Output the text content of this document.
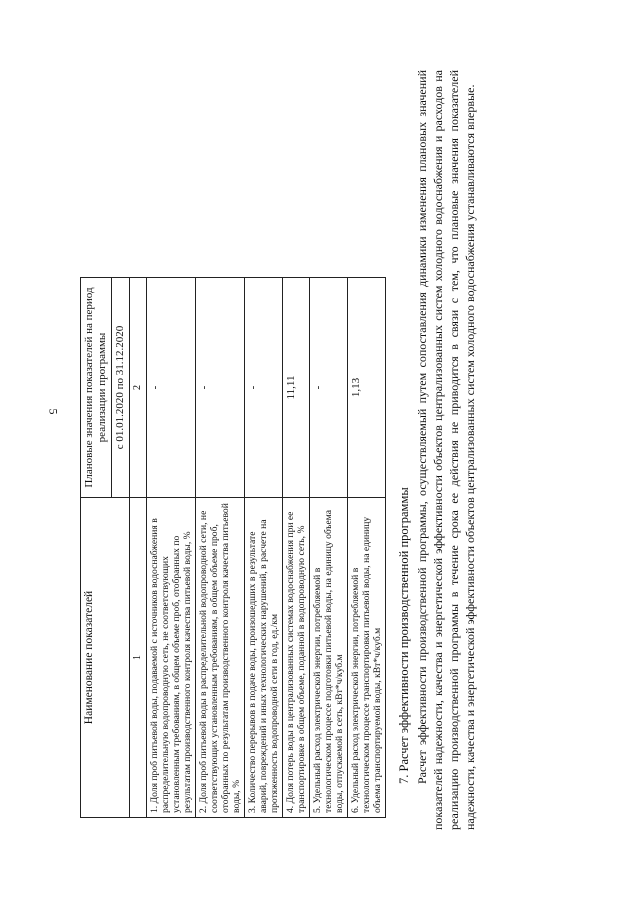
5
Наименование показателей	Плановые значения показателей на период реализации программы
	с 01.01.2020 по 31.12.2020
1	2
1. Доля проб питьевой воды, подаваемой с источников водоснабжения в распределительную водопроводную сеть, не соответствующих установленным требованиям, в общем объеме проб, отобранных по результатам производственного контроля качества питьевой воды, %	-
2. Доля проб питьевой воды в распределительной водопроводной сети, не соответствующих установленным требованиям, в общем объеме проб, отобранных по результатам производственного контроля качества питьевой воды, %	-
3. Количество перерывов в подаче воды, произошедших в результате аварий, повреждений и иных технологических нарушений, в расчете на протяженность водопроводной сети в год, ед./км	-
4. Доля потерь воды в централизованных системах водоснабжения при ее транспортировке в общем объеме, поданной в водопроводную сеть, %	11,11
5. Удельный расход электрической энергии, потребляемой в технологическом процессе подготовки питьевой воды, на единицу объема воды, отпускаемой в сеть, кВт*ч/куб.м	-
6. Удельный расход электрической энергии, потребляемой в технологическом процессе транспортировки питьевой воды, на единицу объема транспортируемой воды, кВт*ч/куб.м	1,13

7. Расчет эффективности производственной программы Расчет эффективности производственной программы, осуществляемый путем сопоставления динамики изменения плановых значений показателей надежности, качества и энергетической эффективности объектов централизованных систем холодного водоснабжения и расходов на реализацию производственной программы в течение срока ее действия не приводится в связи с тем, что плановые значения показателей надежности, качества и энергетической эффективности объектов централизованных систем холодного водоснабжения устанавливаются впервые.
